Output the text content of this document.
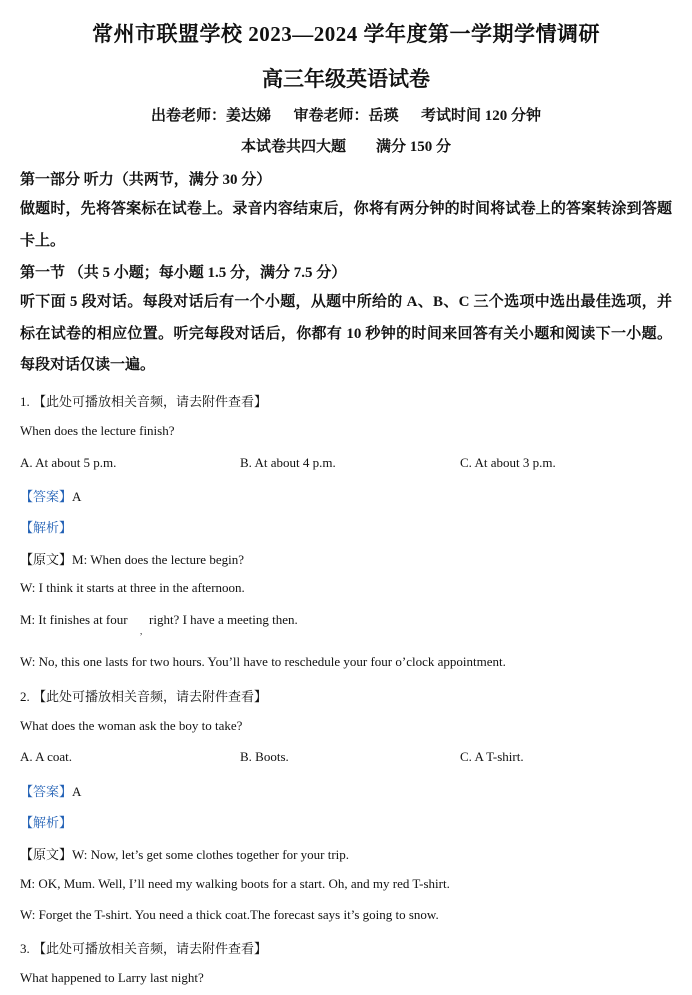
常州市联盟学校 2023—2024 学年度第一学期学情调研
高三年级英语试卷
出卷老师：姜达娣      审卷老师：岳瑛      考试时间 120 分钟
本试卷共四大题        满分 150 分
第一部分 听力（共两节，满分 30 分）
做题时，先将答案标在试卷上。录音内容结束后，你将有两分钟的时间将试卷上的答案转涂到答题卡上。
第一节 （共 5 小题；每小题 1.5 分，满分 7.5 分）
听下面 5 段对话。每段对话后有一个小题，从题中所给的 A、B、C 三个选项中选出最佳选项，并标在试卷的相应位置。听完每段对话后，你都有 10 秒钟的时间来回答有关小题和阅读下一小题。每段对话仅读一遍。
1. 【此处可播放相关音频，请去附件查看】
When does the lecture finish?
A. At about 5 p.m.	B. At about 4 p.m.	C. At about 3 p.m.
【答案】A
【解析】
【原文】M: When does the lecture begin?
W: I think it starts at three in the afternoon.
M: It finishes at four
,
right? I have a meeting then.
W: No, this one lasts for two hours. You’ll have to reschedule your four o’clock appointment.
2. 【此处可播放相关音频，请去附件查看】
What does the woman ask the boy to take?
A. A coat.	B. Boots.	C. A T-shirt.
【答案】A
【解析】
【原文】W: Now, let’s get some clothes together for your trip.
M: OK, Mum. Well, I’ll need my walking boots for a start. Oh, and my red T-shirt.
W: Forget the T-shirt. You need a thick coat.The forecast says it’s going to snow.
3. 【此处可播放相关音频，请去附件查看】
What happened to Larry last night?
